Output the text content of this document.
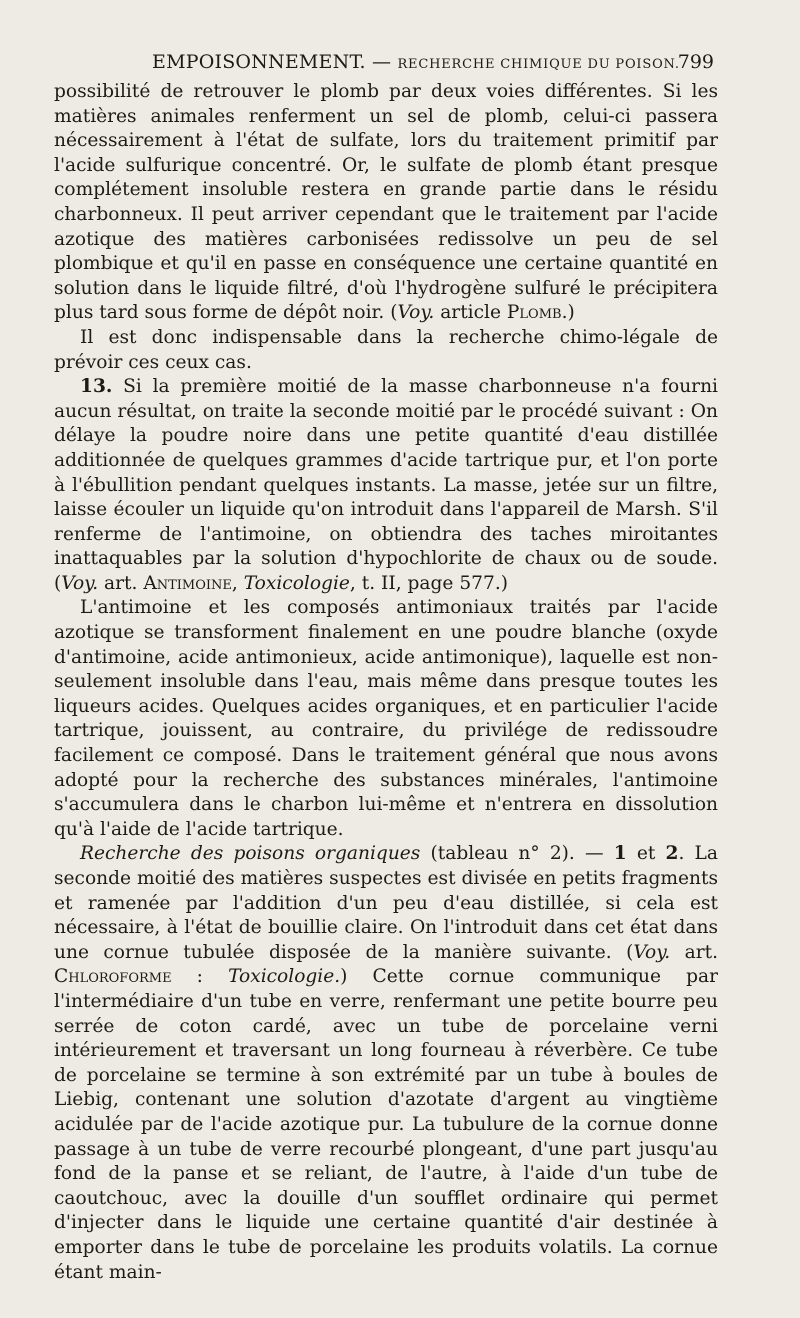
EMPOISONNEMENT. — RECHERCHE CHIMIQUE DU POISON.
799

possibilité de retrouver le plomb par deux voies différentes. Si les matières animales renferment un sel de plomb, celui-ci passera nécessairement à l'état de sulfate, lors du traitement primitif par l'acide sulfurique concentré. Or, le sulfate de plomb étant presque complétement insoluble restera en grande partie dans le résidu charbonneux. Il peut arriver cependant que le traitement par l'acide azotique des matières carbonisées redissolve un peu de sel plombique et qu'il en passe en conséquence une certaine quantité en solution dans le liquide filtré, d'où l'hydrogène sulfuré le précipitera plus tard sous forme de dépôt noir. (Voy. article Plomb.)

Il est donc indispensable dans la recherche chimo-légale de prévoir ces ceux cas.

13. Si la première moitié de la masse charbonneuse n'a fourni aucun résultat, on traite la seconde moitié par le procédé suivant : On délaye la poudre noire dans une petite quantité d'eau distillée additionnée de quelques grammes d'acide tartrique pur, et l'on porte à l'ébullition pendant quelques instants. La masse, jetée sur un filtre, laisse écouler un liquide qu'on introduit dans l'appareil de Marsh. S'il renferme de l'antimoine, on obtiendra des taches miroitantes inattaquables par la solution d'hypochlorite de chaux ou de soude. (Voy. art. Antimoine, Toxicologie, t. II, page 577.)

L'antimoine et les composés antimoniaux traités par l'acide azotique se transforment finalement en une poudre blanche (oxyde d'antimoine, acide antimonieux, acide antimonique), laquelle est non-seulement insoluble dans l'eau, mais même dans presque toutes les liqueurs acides. Quelques acides organiques, et en particulier l'acide tartrique, jouissent, au contraire, du privilége de redissoudre facilement ce composé. Dans le traitement général que nous avons adopté pour la recherche des substances minérales, l'antimoine s'accumulera dans le charbon lui-même et n'entrera en dissolution qu'à l'aide de l'acide tartrique.

Recherche des poisons organiques (tableau n° 2). — 1 et 2. La seconde moitié des matières suspectes est divisée en petits fragments et ramenée par l'addition d'un peu d'eau distillée, si cela est nécessaire, à l'état de bouillie claire. On l'introduit dans cet état dans une cornue tubulée disposée de la manière suivante. (Voy. art. Chloroforme : Toxicologie.) Cette cornue communique par l'intermédiaire d'un tube en verre, renfermant une petite bourre peu serrée de coton cardé, avec un tube de porcelaine verni intérieurement et traversant un long fourneau à réverbère. Ce tube de porcelaine se termine à son extrémité par un tube à boules de Liebig, contenant une solution d'azotate d'argent au vingtième acidulée par de l'acide azotique pur. La tubulure de la cornue donne passage à un tube de verre recourbé plongeant, d'une part jusqu'au fond de la panse et se reliant, de l'autre, à l'aide d'un tube de caoutchouc, avec la douille d'un soufflet ordinaire qui permet d'injecter dans le liquide une certaine quantité d'air destinée à emporter dans le tube de porcelaine les produits volatils. La cornue étant main-
